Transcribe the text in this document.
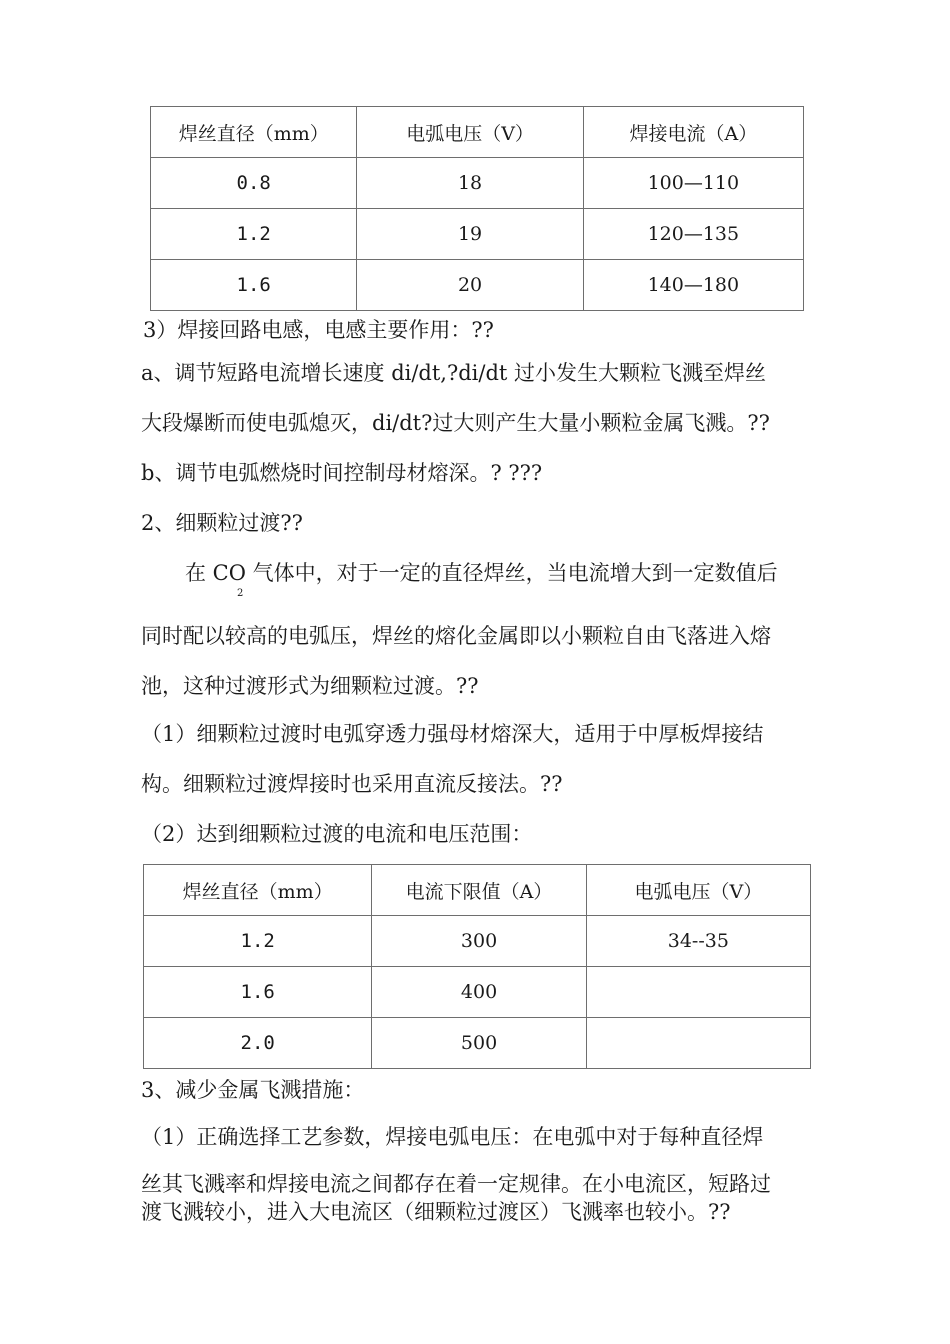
焊丝直径（mm）	电弧电压（V）	焊接电流（A）
0.8	18	100—110
1.2	19	120—135
1.6	20	140—180
3）焊接回路电感，电感主要作用：??
a、调节短路电流增长速度 di/dt,?di/dt 过小发生大颗粒飞溅至焊丝
大段爆断而使电弧熄灭，di/dt?过大则产生大量小颗粒金属飞溅。??
b、调节电弧燃烧时间控制母材熔深。? ???
2、细颗粒过渡??
在 CO 气体中，对于一定的直径焊丝，当电流增大到一定数值后
2
同时配以较高的电弧压，焊丝的熔化金属即以小颗粒自由飞落进入熔
池，这种过渡形式为细颗粒过渡。??
（1）细颗粒过渡时电弧穿透力强母材熔深大，适用于中厚板焊接结
构。细颗粒过渡焊接时也采用直流反接法。??
（2）达到细颗粒过渡的电流和电压范围：
焊丝直径（mm）	电流下限值（A）	电弧电压（V）
1.2	300	34--35
1.6	400	
2.0	500	
3、减少金属飞溅措施：
（1）正确选择工艺参数，焊接电弧电压：在电弧中对于每种直径焊
丝其飞溅率和焊接电流之间都存在着一定规律。在小电流区，短路过
渡飞溅较小，进入大电流区（细颗粒过渡区）飞溅率也较小。??
